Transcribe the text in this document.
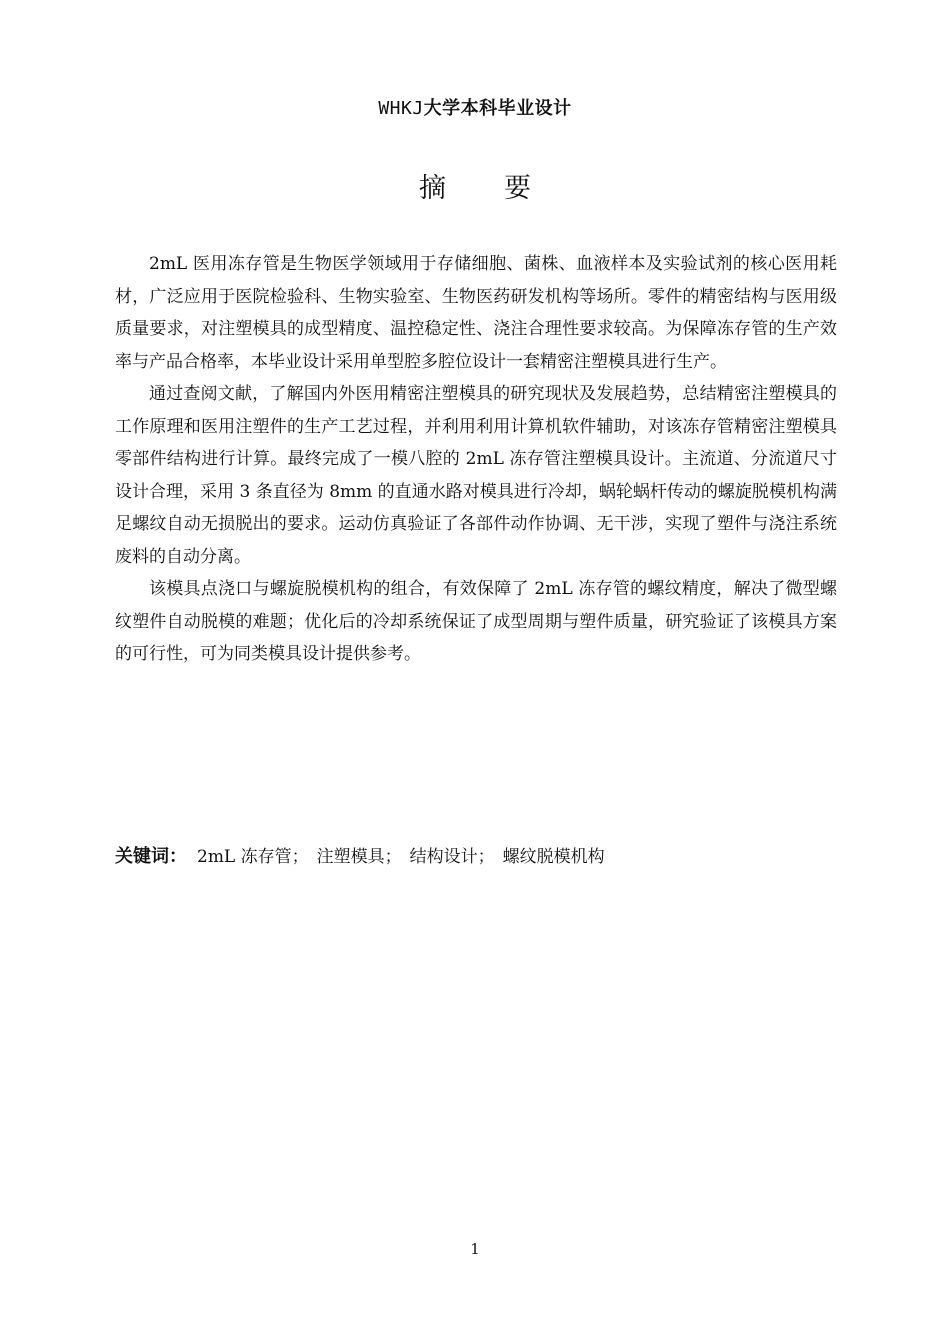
WHKJ大学本科毕业设计
摘要

2mL 医用冻存管是生物医学领域用于存储细胞、菌株、血液样本及实验试剂的核心医用耗材，广泛应用于医院检验科、生物实验室、生物医药研发机构等场所。零件的精密结构与医用级质量要求，对注塑模具的成型精度、温控稳定性、浇注合理性要求较高。为保障冻存管的生产效率与产品合格率，本毕业设计采用单型腔多腔位设计一套精密注塑模具进行生产。

通过查阅文献，了解国内外医用精密注塑模具的研究现状及发展趋势，总结精密注塑模具的工作原理和医用注塑件的生产工艺过程，并利用利用计算机软件辅助，对该冻存管精密注塑模具零部件结构进行计算。最终完成了一模八腔的 2mL 冻存管注塑模具设计。主流道、分流道尺寸设计合理，采用 3 条直径为 8mm 的直通水路对模具进行冷却，蜗轮蜗杆传动的螺旋脱模机构满足螺纹自动无损脱出的要求。运动仿真验证了各部件动作协调、无干涉，实现了塑件与浇注系统废料的自动分离。

该模具点浇口与螺旋脱模机构的组合，有效保障了 2mL 冻存管的螺纹精度，解决了微型螺纹塑件自动脱模的难题；优化后的冷却系统保证了成型周期与塑件质量，研究验证了该模具方案的可行性，可为同类模具设计提供参考。

关键词： 2mL 冻存管； 注塑模具； 结构设计； 螺纹脱模机构
1
